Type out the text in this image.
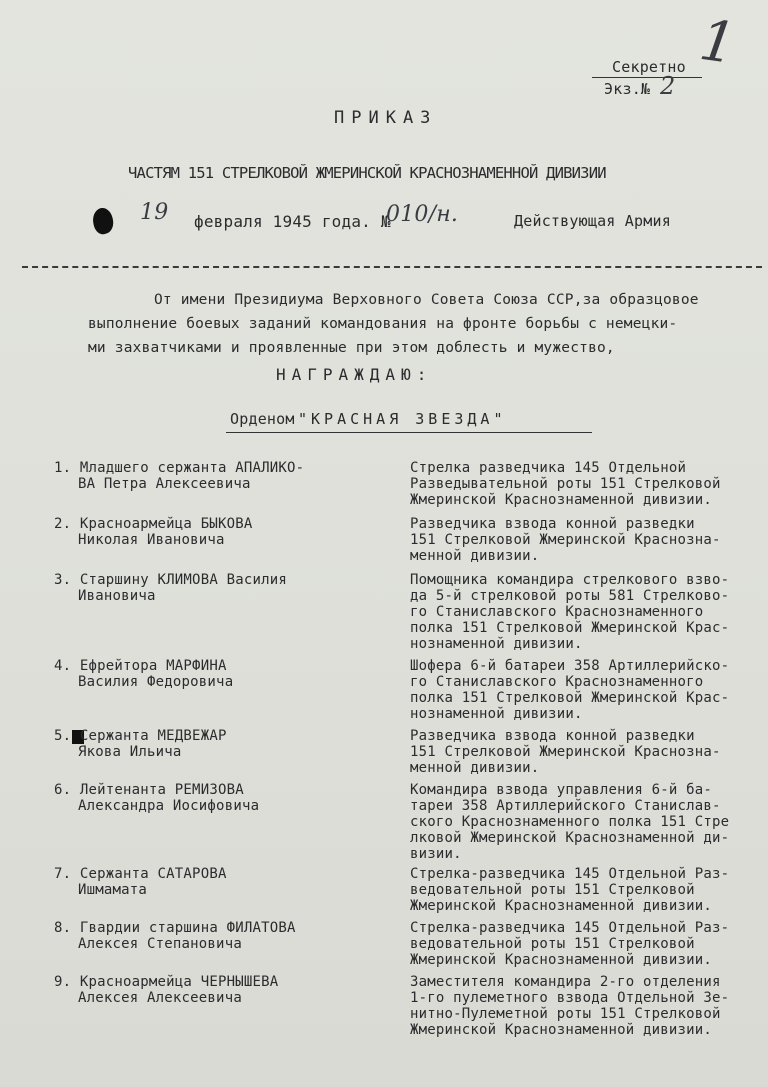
1
Секретно
Экз.№ 2
ПРИКАЗ
ЧАСТЯМ 151 СТРЕЛКОВОЙ ЖМЕРИНСКОЙ КРАСНОЗНАМЕННОЙ ДИВИЗИИ
19 февраля 1945 года. №
010/н.	Действующая Армия
От имени Президиума Верховного Совета Союза ССР,за образцовое
выполнение боевых заданий командования на фронте борьбы с немецки-
ми захватчиками и проявленные при этом доблесть и мужество,
НАГРАЖДАЮ:
Орденом "КРАСНАЯ ЗВЕЗДА"
1. Младшего сержанта АПАЛИКО-
ВА Петра Алексеевича
Стрелка разведчика 145 Отдельной
Разведывательной роты 151 Стрелковой
Жмеринской Краснознаменной дивизии.
2. Красноармейца БЫКОВА
Николая Ивановича
Разведчика взвода конной разведки
151 Стрелковой Жмеринской Краснозна-
менной дивизии.
3. Старшину КЛИМОВА Василия
Ивановича
Помощника командира стрелкового взво-
да 5-й стрелковой роты 581 Стрелково-
го Станиславского Краснознаменного
полка 151 Стрелковой Жмеринской Крас-
нознаменной дивизии.
4. Ефрейтора МАРФИНА
Василия Федоровича
Шофера 6-й батареи 358 Артиллерийско-
го Станиславского Краснознаменного
полка 151 Стрелковой Жмеринской Крас-
нознаменной дивизии.
5. Сержанта МЕДВЕЖАР
Якова Ильича
Разведчика взвода конной разведки
151 Стрелковой Жмеринской Краснозна-
менной дивизии.
6. Лейтенанта РЕМИЗОВА
Александра Иосифовича
Командира взвода управления 6-й ба-
тареи 358 Артиллерийского Станислав-
ского Краснознаменного полка 151 Стре
лковой Жмеринской Краснознаменной ди-
визии.
7. Сержанта САТАРОВА
Ишмамата
Стрелка-разведчика 145 Отдельной Раз-
ведовательной роты 151 Стрелковой
Жмеринской Краснознаменной дивизии.
8. Гвардии старшина ФИЛАТОВА
Алексея Степановича
Стрелка-разведчика 145 Отдельной Раз-
ведовательной роты 151 Стрелковой
Жмеринской Краснознаменной дивизии.
9. Красноармейца ЧЕРНЫШЕВА
Алексея Алексеевича
Заместителя командира 2-го отделения
1-го пулеметного взвода Отдельной Зе-
нитно-Пулеметной роты 151 Стрелковой
Жмеринской Краснознаменной дивизии.
